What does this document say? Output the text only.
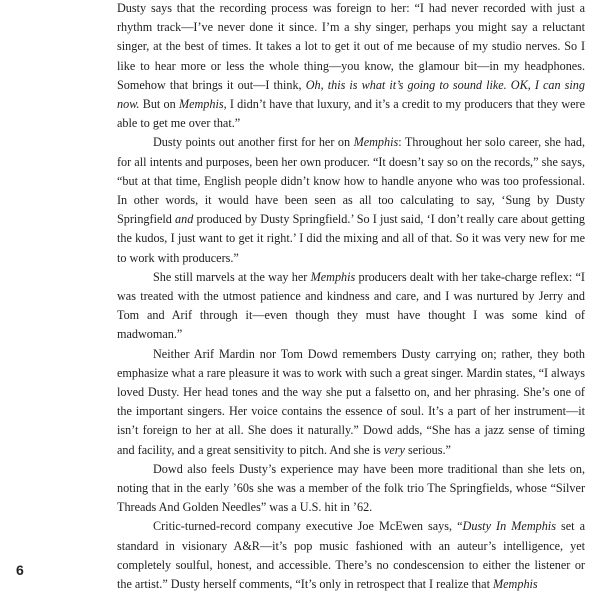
Dusty says that the recording process was foreign to her: “I had never recorded with just a rhythm track—I’ve never done it since. I’m a shy singer, perhaps you might say a reluctant singer, at the best of times. It takes a lot to get it out of me because of my studio nerves. So I like to hear more or less the whole thing—you know, the glamour bit—in my headphones. Somehow that brings it out—I think, Oh, this is what it’s going to sound like. OK, I can sing now. But on Memphis, I didn’t have that luxury, and it’s a credit to my producers that they were able to get me over that.”

Dusty points out another first for her on Memphis: Throughout her solo career, she had, for all intents and purposes, been her own producer. “It doesn’t say so on the records,” she says, “but at that time, English people didn’t know how to handle anyone who was too professional. In other words, it would have been seen as all too calculating to say, ‘Sung by Dusty Springfield and produced by Dusty Springfield.’ So I just said, ‘I don’t really care about getting the kudos, I just want to get it right.’ I did the mixing and all of that. So it was very new for me to work with producers.”

She still marvels at the way her Memphis producers dealt with her take-charge reflex: “I was treated with the utmost patience and kindness and care, and I was nurtured by Jerry and Tom and Arif through it—even though they must have thought I was some kind of madwoman.”

Neither Arif Mardin nor Tom Dowd remembers Dusty carrying on; rather, they both emphasize what a rare pleasure it was to work with such a great singer. Mardin states, “I always loved Dusty. Her head tones and the way she put a falsetto on, and her phrasing. She’s one of the important singers. Her voice contains the essence of soul. It’s a part of her instrument—it isn’t foreign to her at all. She does it naturally.” Dowd adds, “She has a jazz sense of timing and facility, and a great sensitivity to pitch. And she is very serious.”

Dowd also feels Dusty’s experience may have been more traditional than she lets on, noting that in the early ’60s she was a member of the folk trio The Springfields, whose “Silver Threads And Golden Needles” was a U.S. hit in ’62.

Critic-turned-record company executive Joe McEwen says, “Dusty In Memphis set a standard in visionary A&R—it’s pop music fashioned with an auteur’s intelligence, yet completely soulful, honest, and accessible. There’s no condescension to either the listener or the artist.” Dusty herself comments, “It’s only in retrospect that I realize that Memphis

6
